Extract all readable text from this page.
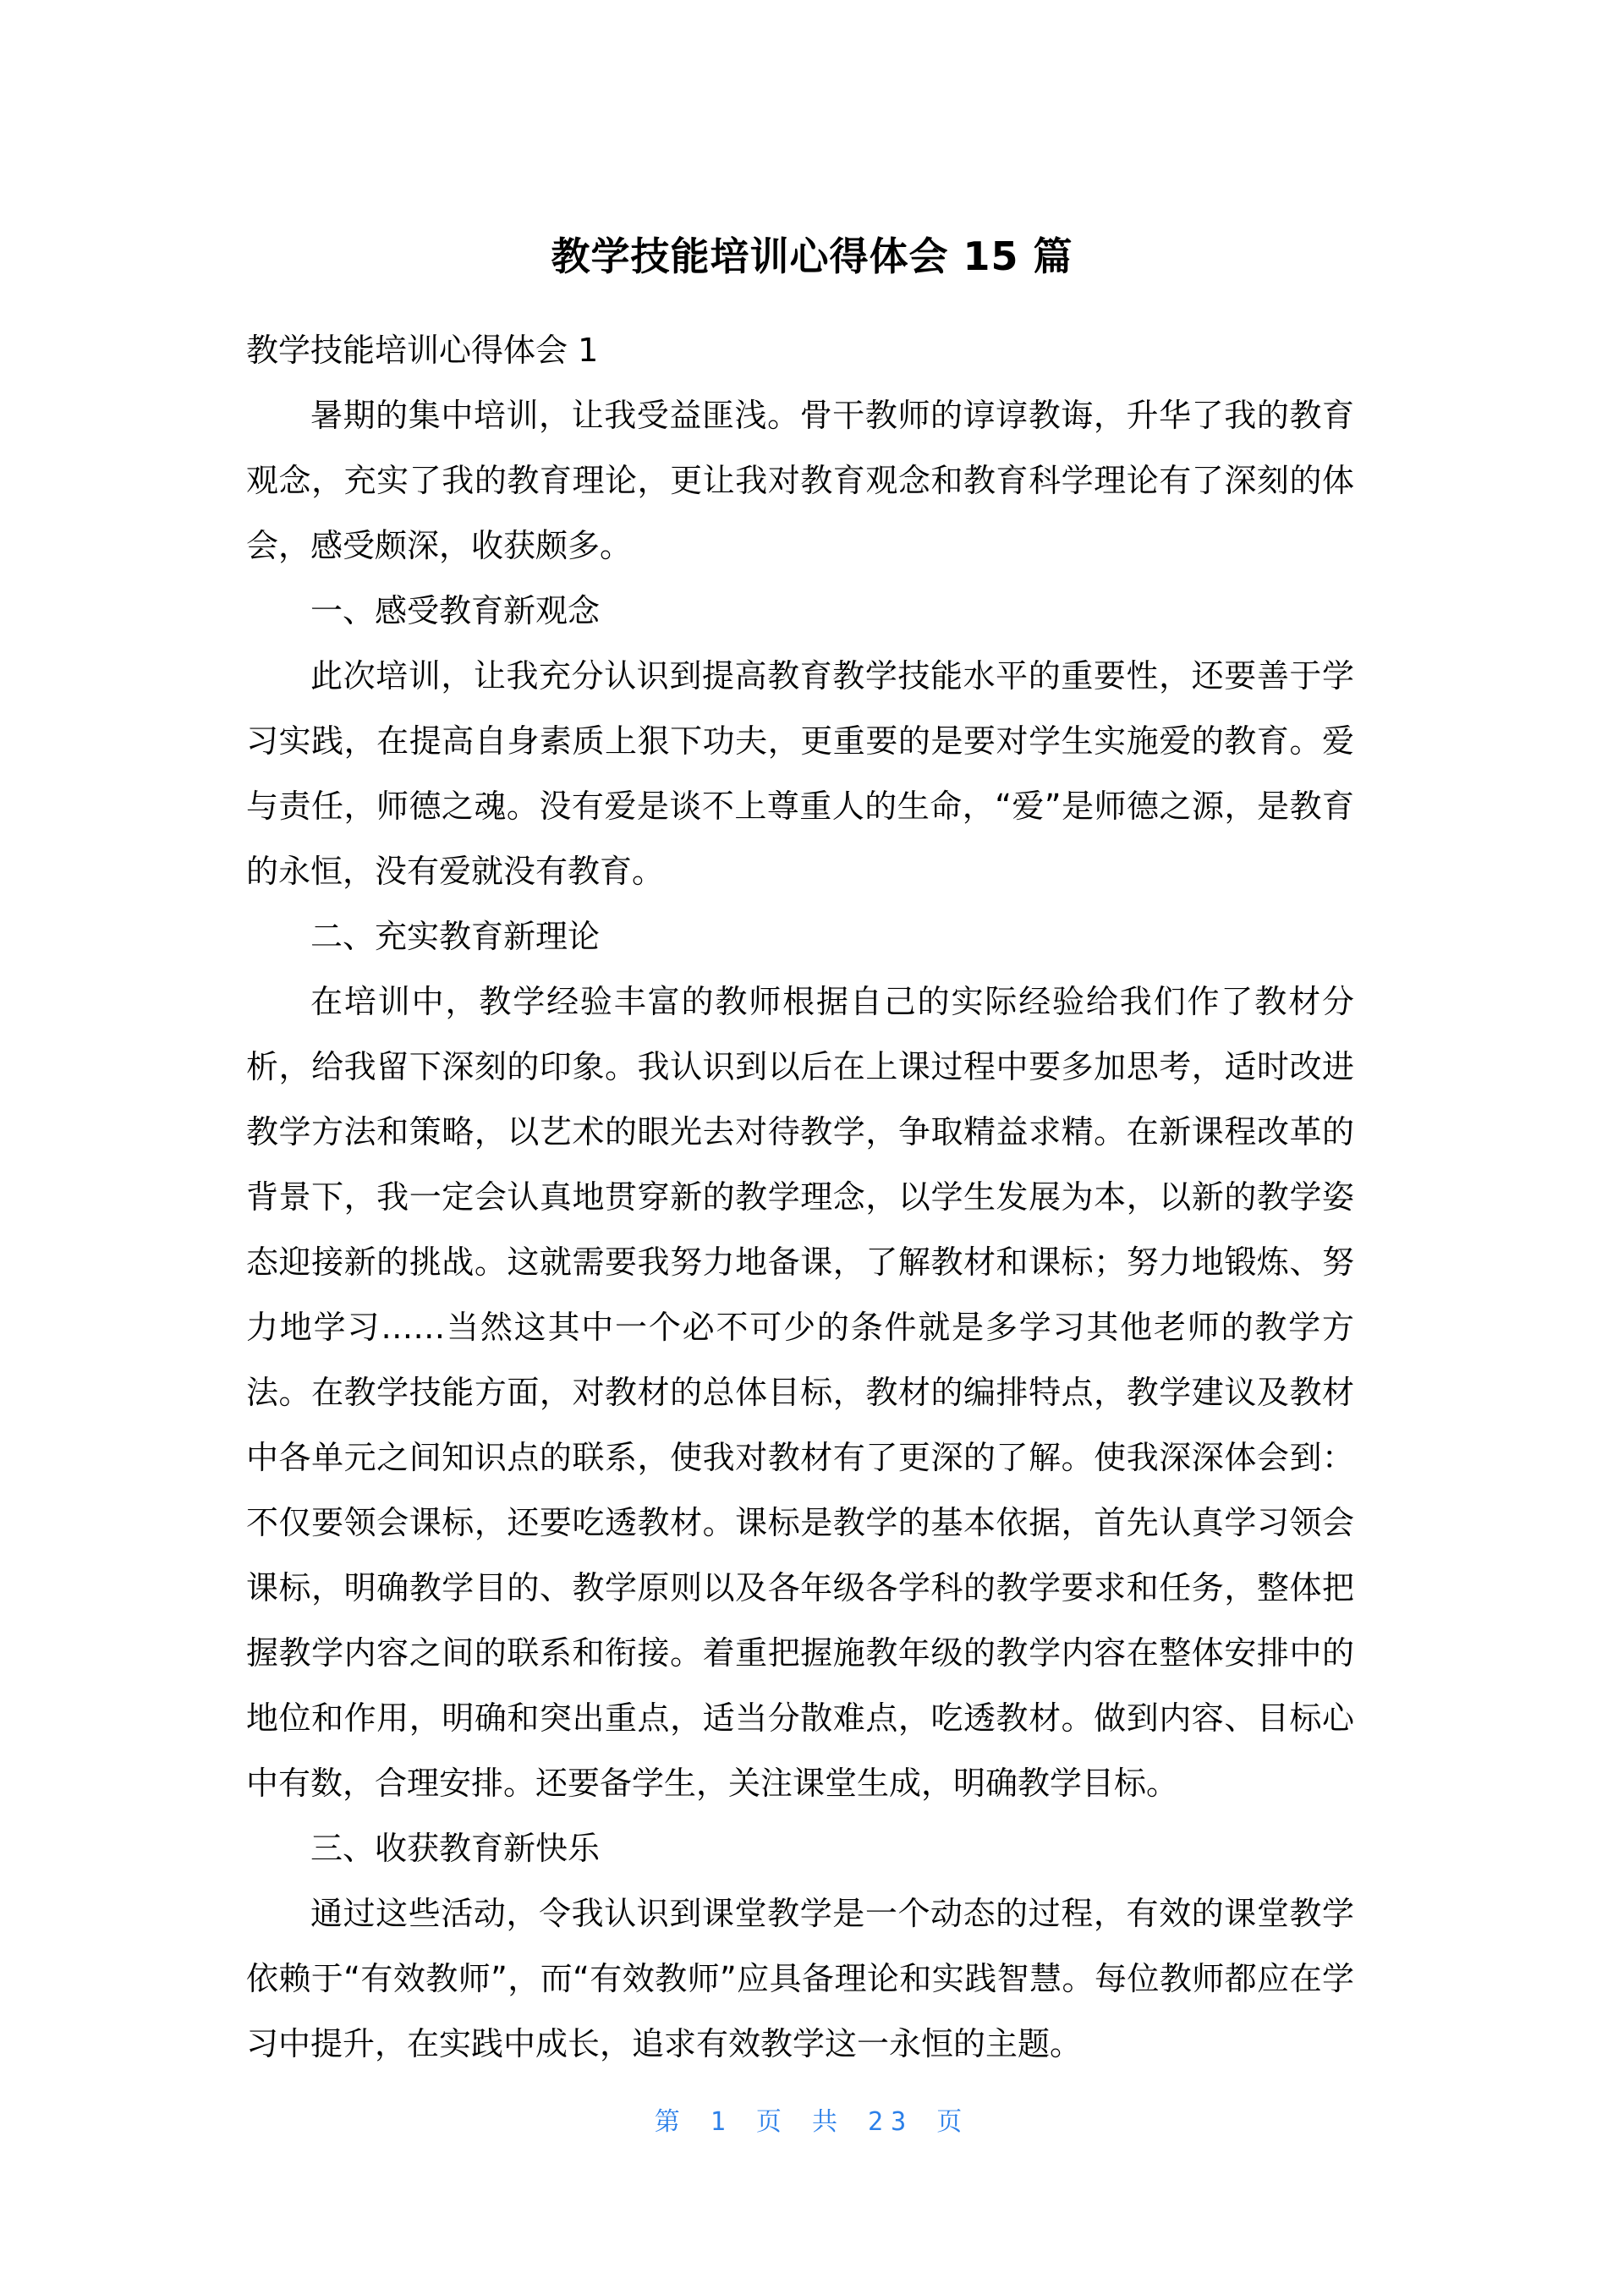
教学技能培训心得体会 15 篇

教学技能培训心得体会 1

暑期的集中培训，让我受益匪浅。骨干教师的谆谆教诲，升华了我的教育观念，充实了我的教育理论，更让我对教育观念和教育科学理论有了深刻的体会，感受颇深，收获颇多。

一、感受教育新观念

此次培训，让我充分认识到提高教育教学技能水平的重要性，还要善于学习实践，在提高自身素质上狠下功夫，更重要的是要对学生实施爱的教育。爱与责任，师德之魂。没有爱是谈不上尊重人的生命，“爱”是师德之源，是教育的永恒，没有爱就没有教育。

二、充实教育新理论

在培训中，教学经验丰富的教师根据自己的实际经验给我们作了教材分析，给我留下深刻的印象。我认识到以后在上课过程中要多加思考，适时改进教学方法和策略，以艺术的眼光去对待教学，争取精益求精。在新课程改革的背景下，我一定会认真地贯穿新的教学理念，以学生发展为本，以新的教学姿态迎接新的挑战。这就需要我努力地备课，了解教材和课标；努力地锻炼、努力地学习……当然这其中一个必不可少的条件就是多学习其他老师的教学方法。在教学技能方面，对教材的总体目标，教材的编排特点，教学建议及教材中各单元之间知识点的联系，使我对教材有了更深的了解。使我深深体会到：不仅要领会课标，还要吃透教材。课标是教学的基本依据，首先认真学习领会课标，明确教学目的、教学原则以及各年级各学科的教学要求和任务，整体把握教学内容之间的联系和衔接。着重把握施教年级的教学内容在整体安排中的地位和作用，明确和突出重点，适当分散难点，吃透教材。做到内容、目标心中有数，合理安排。还要备学生，关注课堂生成，明确教学目标。

三、收获教育新快乐

通过这些活动，令我认识到课堂教学是一个动态的过程，有效的课堂教学依赖于“有效教师”，而“有效教师”应具备理论和实践智慧。每位教师都应在学习中提升，在实践中成长，追求有效教学这一永恒的主题。

第 1 页 共 23 页
